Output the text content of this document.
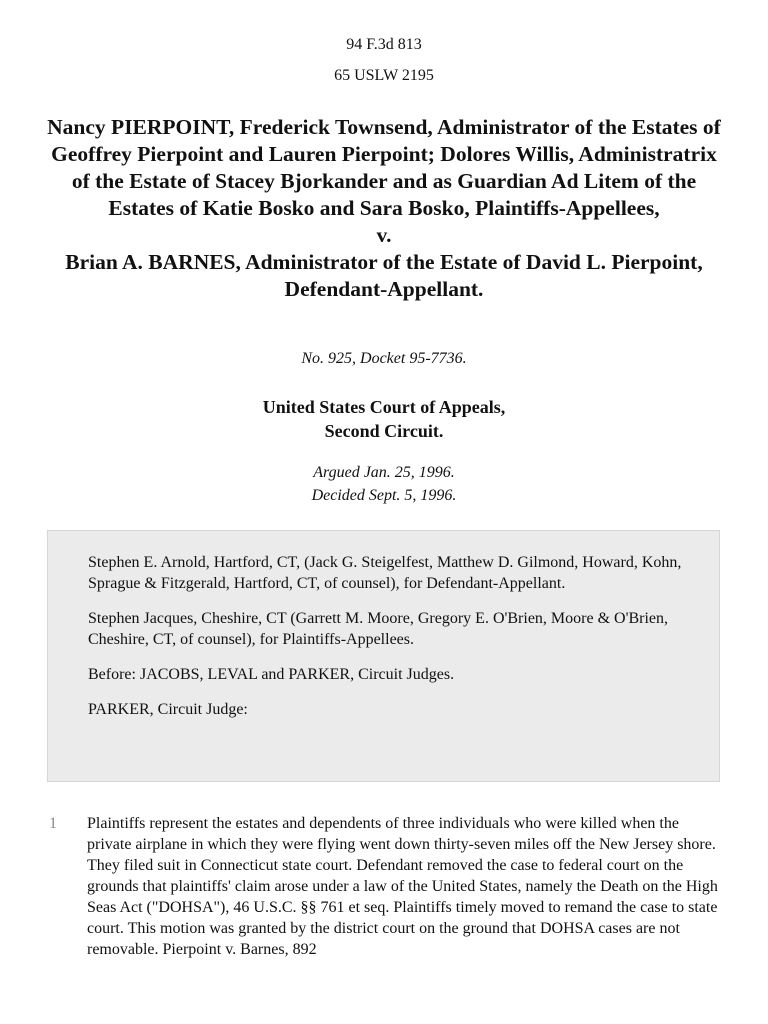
94 F.3d 813
65 USLW 2195

Nancy PIERPOINT, Frederick Townsend, Administrator of the Estates of Geoffrey Pierpoint and Lauren Pierpoint; Dolores Willis, Administratrix of the Estate of Stacey Bjorkander and as Guardian Ad Litem of the Estates of Katie Bosko and Sara Bosko, Plaintiffs-Appellees,

v.

Brian A. BARNES, Administrator of the Estate of David L. Pierpoint, Defendant-Appellant.

No. 925, Docket 95-7736.

United States Court of Appeals,

Second Circuit.

Argued Jan. 25, 1996.

Decided Sept. 5, 1996.

Stephen E. Arnold, Hartford, CT, (Jack G. Steigelfest, Matthew D. Gilmond, Howard, Kohn, Sprague & Fitzgerald, Hartford, CT, of counsel), for Defendant-Appellant.

Stephen Jacques, Cheshire, CT (Garrett M. Moore, Gregory E. O'Brien, Moore & O'Brien, Cheshire, CT, of counsel), for Plaintiffs-Appellees.

Before: JACOBS, LEVAL and PARKER, Circuit Judges.

PARKER, Circuit Judge:

1 Plaintiffs represent the estates and dependents of three individuals who were killed when the private airplane in which they were flying went down thirty-seven miles off the New Jersey shore. They filed suit in Connecticut state court. Defendant removed the case to federal court on the grounds that plaintiffs' claim arose under a law of the United States, namely the Death on the High Seas Act ("DOHSA"), 46 U.S.C. §§ 761 et seq. Plaintiffs timely moved to remand the case to state court. This motion was granted by the district court on the ground that DOHSA cases are not removable. Pierpoint v. Barnes, 892
